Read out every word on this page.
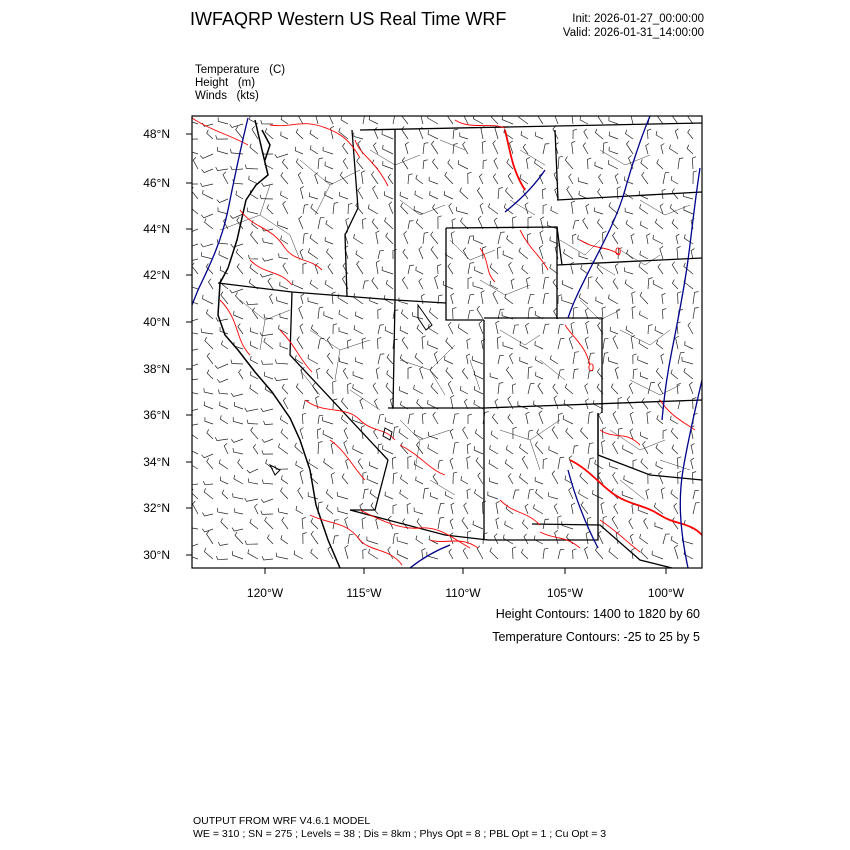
IWFAQRP Western US Real Time WRF	Init: 2026-01-27_00:00:00
Valid: 2026-01-31_14:00:00
Temperature   (C)
Height   (m)
Winds   (kts)
0
0
48°N
46°N
44°N
42°N
40°N
38°N
36°N
34°N
32°N
30°N
120°W	115°W	110°W	105°W	100°W
Height Contours: 1400 to 1820 by 60
Temperature Contours: -25 to 25 by 5
OUTPUT FROM WRF V4.6.1 MODEL
WE = 310 ; SN = 275 ; Levels = 38 ; Dis = 8km ; Phys Opt = 8 ; PBL Opt = 1 ; Cu Opt = 3
